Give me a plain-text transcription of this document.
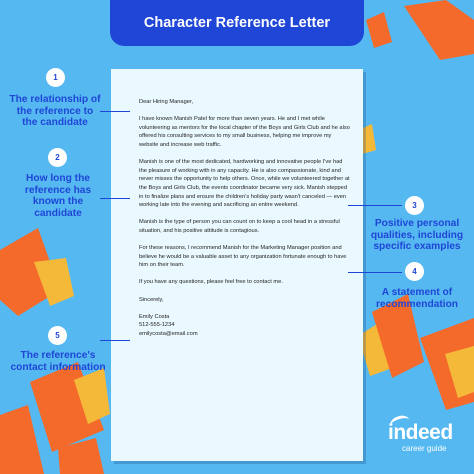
Character Reference Letter

Dear Hiring Manager,

I have known Manish Patel for more than seven years. He and I met while volunteering as mentors for the local chapter of the Boys and Girls Club and he also offered his consulting services to my small business, helping me improve my website and increase web traffic.

Manish is one of the most dedicated, hardworking and innovative people I've had the pleasure of working with in any capacity. He is also compassionate, kind and never misses the opportunity to help others. Once, while we volunteered together at the Boys and Girls Club, the events coordinator became very sick. Manish stepped in to finalize plans and ensure the children's holiday party wasn't canceled — even working late into the evening and sacrificing an entire weekend.

Manish is the type of person you can count on to keep a cool head in a stressful situation, and his positive attitude is contagious.

For these reasons, I recommend Manish for the Marketing Manager position and believe he would be a valuable asset to any organization fortunate enough to have him on their team.

If you have any questions, please feel free to contact me.

Sincerely,

Emily Costa
512-555-1234
emilycosta@email.com
1
The relationship of the reference to the candidate
2
How long the reference has known the candidate
3
Positive personal qualities, including specific examples
4
A statement of recommendation
5
The reference's contact information
indeed
career guide
